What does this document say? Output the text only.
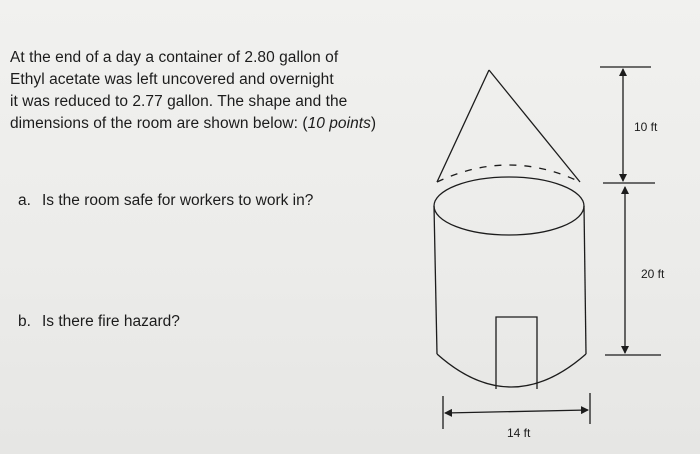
At the end of a day a container of 2.80 gallon of
Ethyl acetate was left uncovered and overnight
it was reduced to 2.77 gallon. The shape and the
dimensions of the room are shown below: (10 points)
a. Is the room safe for workers to work in?
b. Is there fire hazard?
10 ft
20 ft
14 ft
